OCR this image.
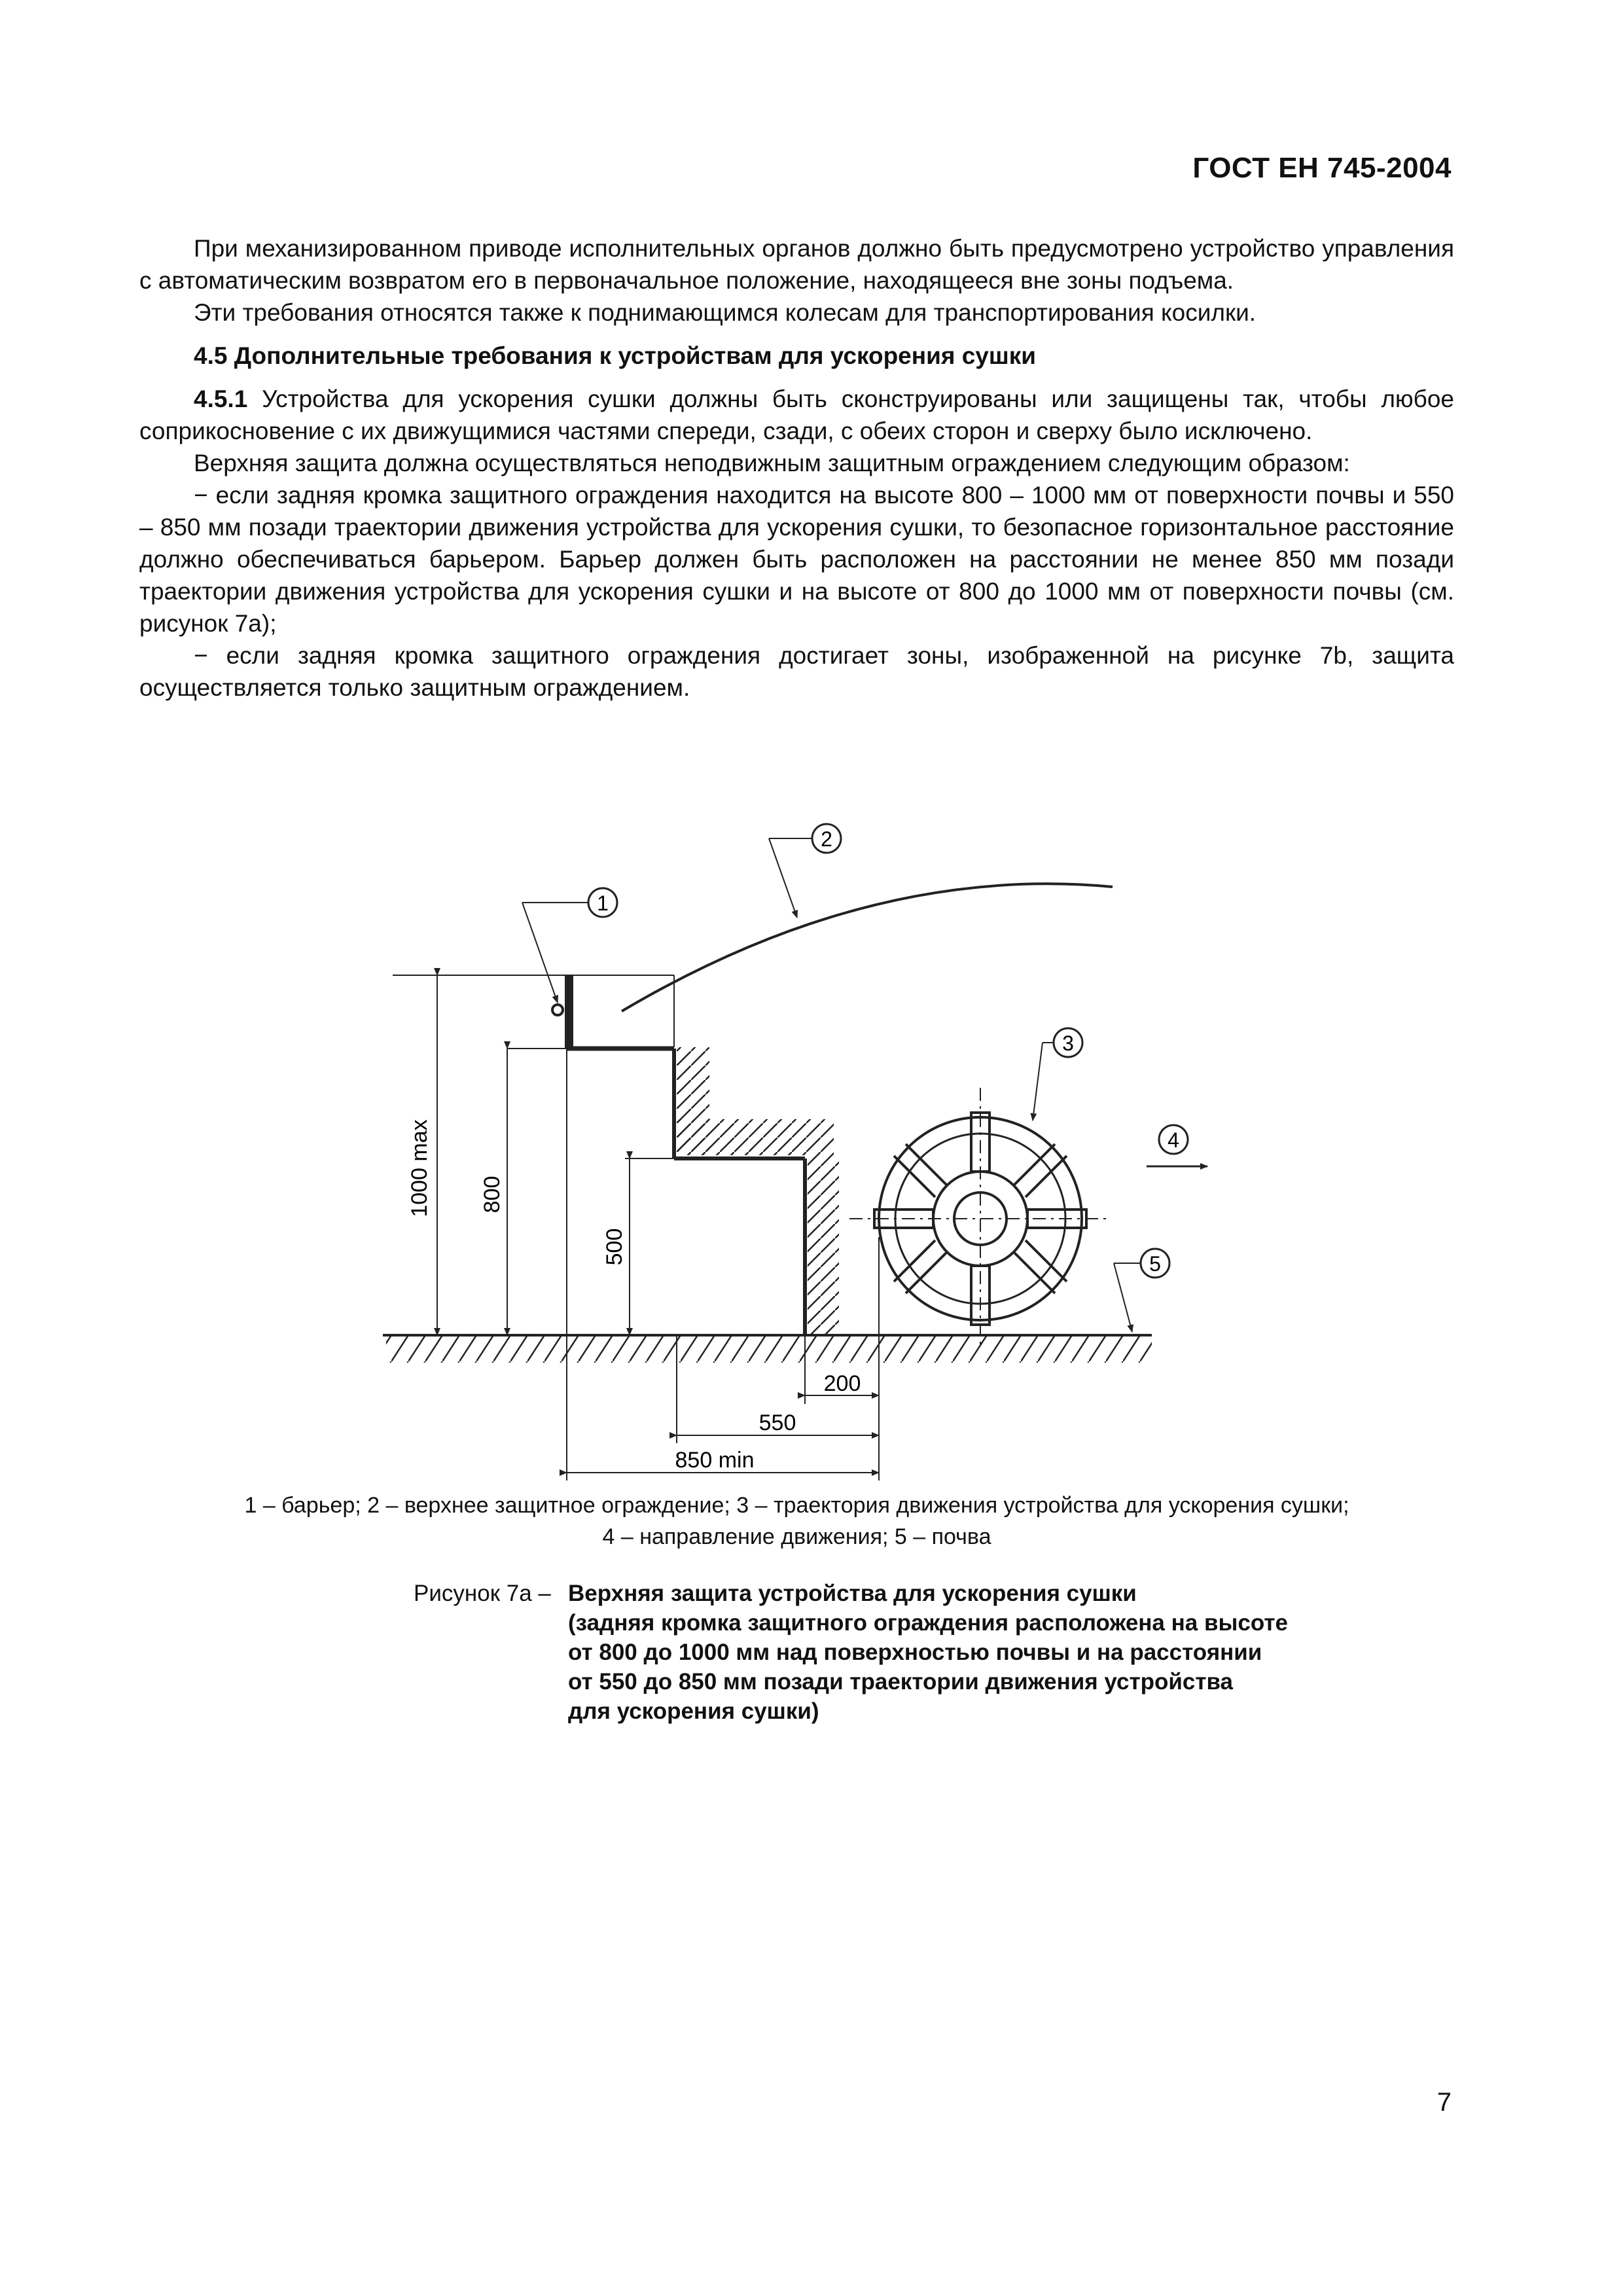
ГОСТ ЕН 745-2004

При механизированном приводе исполнительных органов должно быть предусмотрено устройство управления с автоматическим возвратом его в первоначальное положение, находящееся вне зоны подъема.

Эти требования относятся также к поднимающимся колесам для транспортирования косилки.

4.5 Дополнительные требования к устройствам для ускорения сушки

4.5.1 Устройства для ускорения сушки должны быть сконструированы или защищены так, чтобы любое соприкосновение с их движущимися частями спереди, сзади, с обеих сторон и сверху было исключено.

Верхняя защита должна осуществляться неподвижным защитным ограждением следующим образом:

− если задняя кромка защитного ограждения находится на высоте 800 – 1000 мм от поверхности почвы и 550 – 850 мм позади траектории движения устройства для ускорения сушки, то безопасное горизонтальное расстояние должно обеспечиваться барьером. Барьер должен быть расположен на расстоянии не менее 850 мм позади траектории движения устройства для ускорения сушки и на высоте от 800 до 1000 мм от поверхности почвы (см. рисунок 7а);

− если задняя кромка защитного ограждения достигает зоны, изображенной на рисунке 7b, защита осуществляется только защитным ограждением.

1000 max 800
500
200
550
850 min
1
2
3
4
5
1 – барьер; 2 – верхнее защитное ограждение; 3 – траектория движения устройства для ускорения сушки;
4 – направление движения; 5 – почва
Рисунок 7а – Верхняя защита устройства для ускорения сушки
(задняя кромка защитного ограждения расположена на высоте
от 800 до 1000 мм над поверхностью почвы и на расстоянии
от 550 до 850 мм позади траектории движения устройства
для ускорения сушки)
7
